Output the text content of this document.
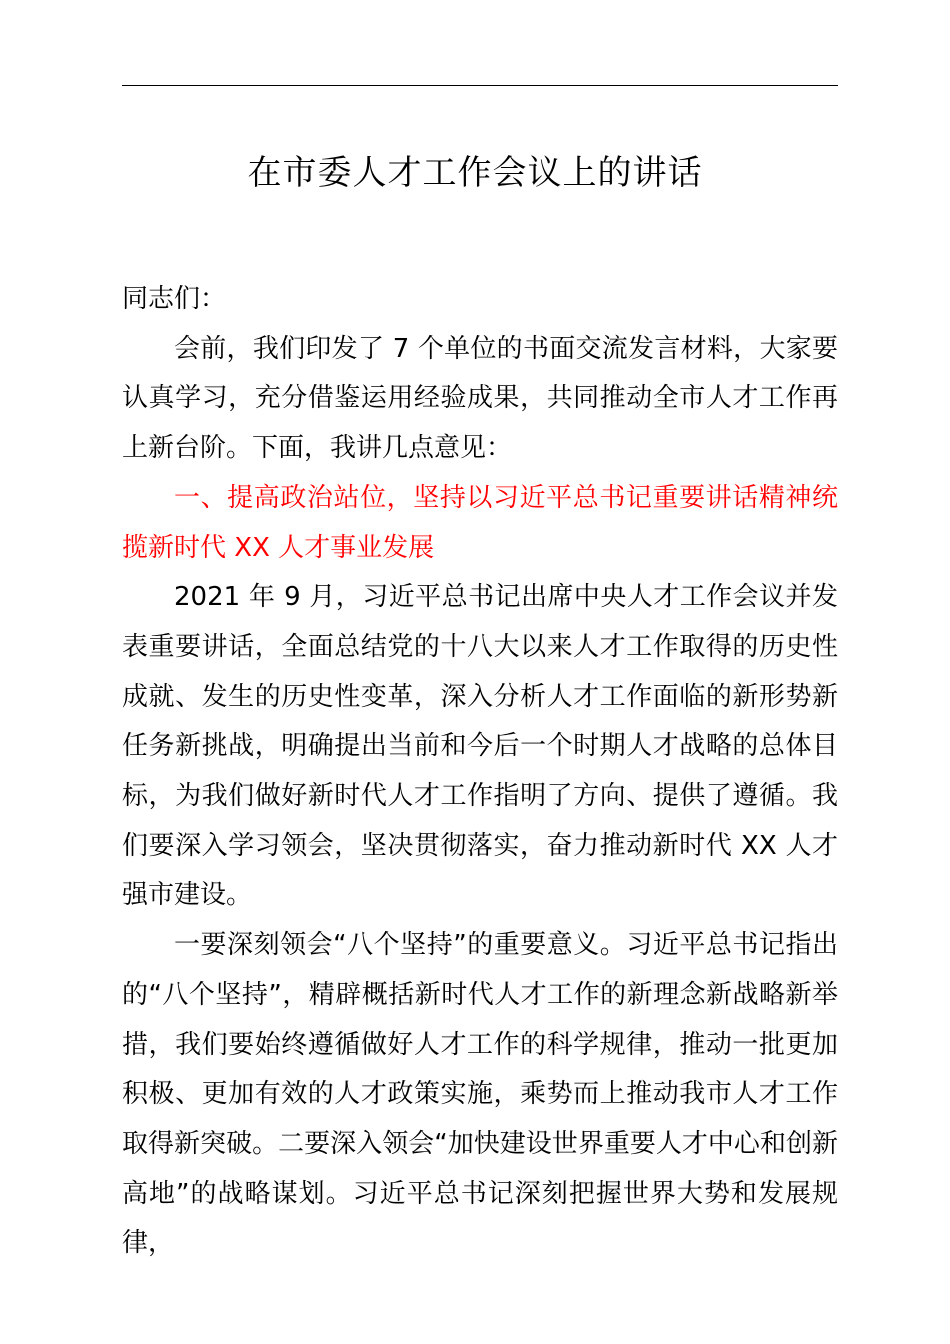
在市委人才工作会议上的讲话

同志们：

会前，我们印发了 7 个单位的书面交流发言材料，大家要认真学习，充分借鉴运用经验成果，共同推动全市人才工作再上新台阶。下面，我讲几点意见：

一、提高政治站位，坚持以习近平总书记重要讲话精神统揽新时代 XX 人才事业发展

2021 年 9 月，习近平总书记出席中央人才工作会议并发表重要讲话，全面总结党的十八大以来人才工作取得的历史性成就、发生的历史性变革，深入分析人才工作面临的新形势新任务新挑战，明确提出当前和今后一个时期人才战略的总体目标，为我们做好新时代人才工作指明了方向、提供了遵循。我们要深入学习领会，坚决贯彻落实，奋力推动新时代 XX 人才强市建设。

一要深刻领会“八个坚持”的重要意义。习近平总书记指出的“八个坚持”，精辟概括新时代人才工作的新理念新战略新举措，我们要始终遵循做好人才工作的科学规律，推动一批更加积极、更加有效的人才政策实施，乘势而上推动我市人才工作取得新突破。二要深入领会“加快建设世界重要人才中心和创新高地”的战略谋划。习近平总书记深刻把握世界大势和发展规律，
